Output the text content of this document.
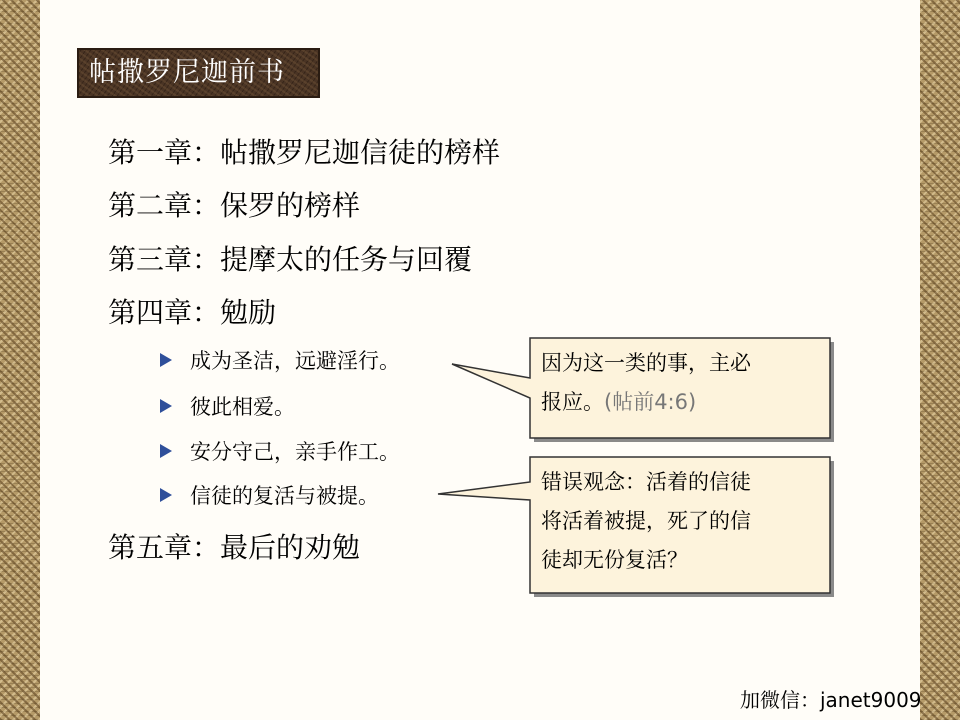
帖撒罗尼迦前书
第一章：帖撒罗尼迦信徒的榜样
第二章：保罗的榜样
第三章：提摩太的任务与回覆
第四章：勉励
成为圣洁，远避淫行。
彼此相爱。
安分守己，亲手作工。
信徒的复活与被提。
第五章：最后的劝勉
因为这一类的事，主必
报应。(帖前4:6)
错误观念：活着的信徒
将活着被提，死了的信
徒却无份复活？
加微信：janet9009
